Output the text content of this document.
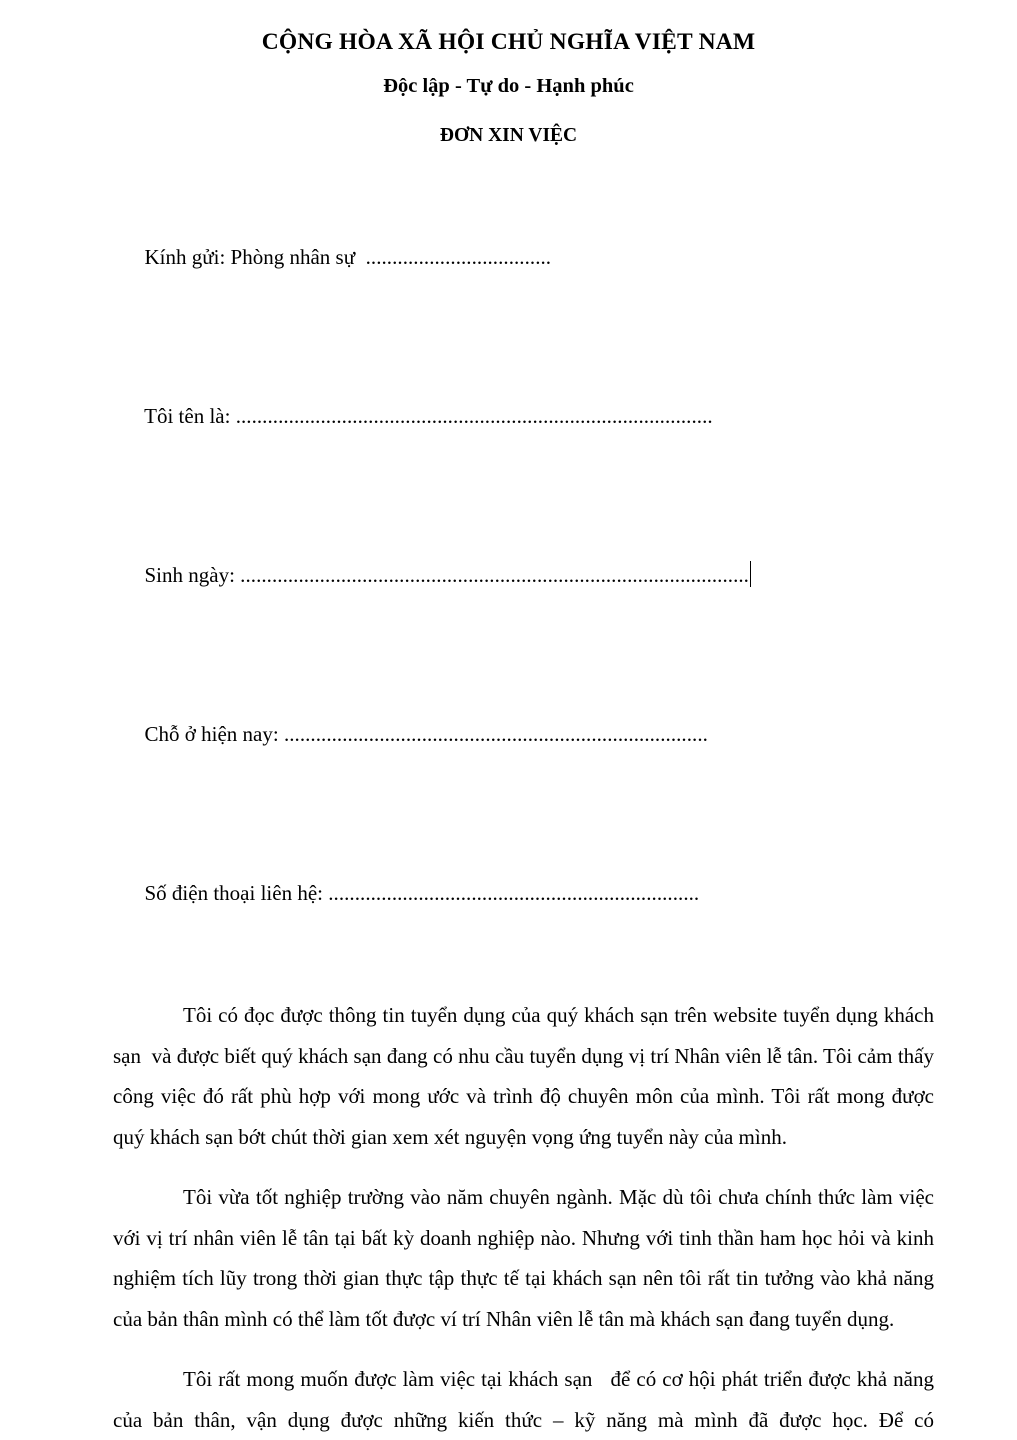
CỘNG HÒA XÃ HỘI CHỦ NGHĨA VIỆT NAM
Độc lập - Tự do - Hạnh phúc
ĐƠN XIN VIỆC

Kính gửi: Phòng nhân sự  ...................................

Tôi tên là: ..........................................................................................

Sinh ngày: ................................................................................................

Chỗ ở hiện nay: ................................................................................

Số điện thoại liên hệ: ......................................................................

Tôi có đọc được thông tin tuyển dụng của quý khách sạn trên website tuyển dụng khách sạn  và được biết quý khách sạn đang có nhu cầu tuyển dụng vị trí Nhân viên lễ tân. Tôi cảm thấy công việc đó rất phù hợp với mong ước và trình độ chuyên môn của mình. Tôi rất mong được quý khách sạn bớt chút thời gian xem xét nguyện vọng ứng tuyển này của mình.

Tôi vừa tốt nghiệp trường vào năm chuyên ngành. Mặc dù tôi chưa chính thức làm việc với vị trí nhân viên lễ tân tại bất kỳ doanh nghiệp nào. Nhưng với tinh thần ham học hỏi và kinh nghiệm tích lũy trong thời gian thực tập thực tế tại khách sạn nên tôi rất tin tưởng vào khả năng của bản thân mình có thể làm tốt được ví trí Nhân viên lễ tân mà khách sạn đang tuyển dụng.

Tôi rất mong muốn được làm việc tại khách sạn   để có cơ hội phát triển được khả năng của bản thân, vận dụng được những kiến thức – kỹ năng mà mình đã được học. Để có
